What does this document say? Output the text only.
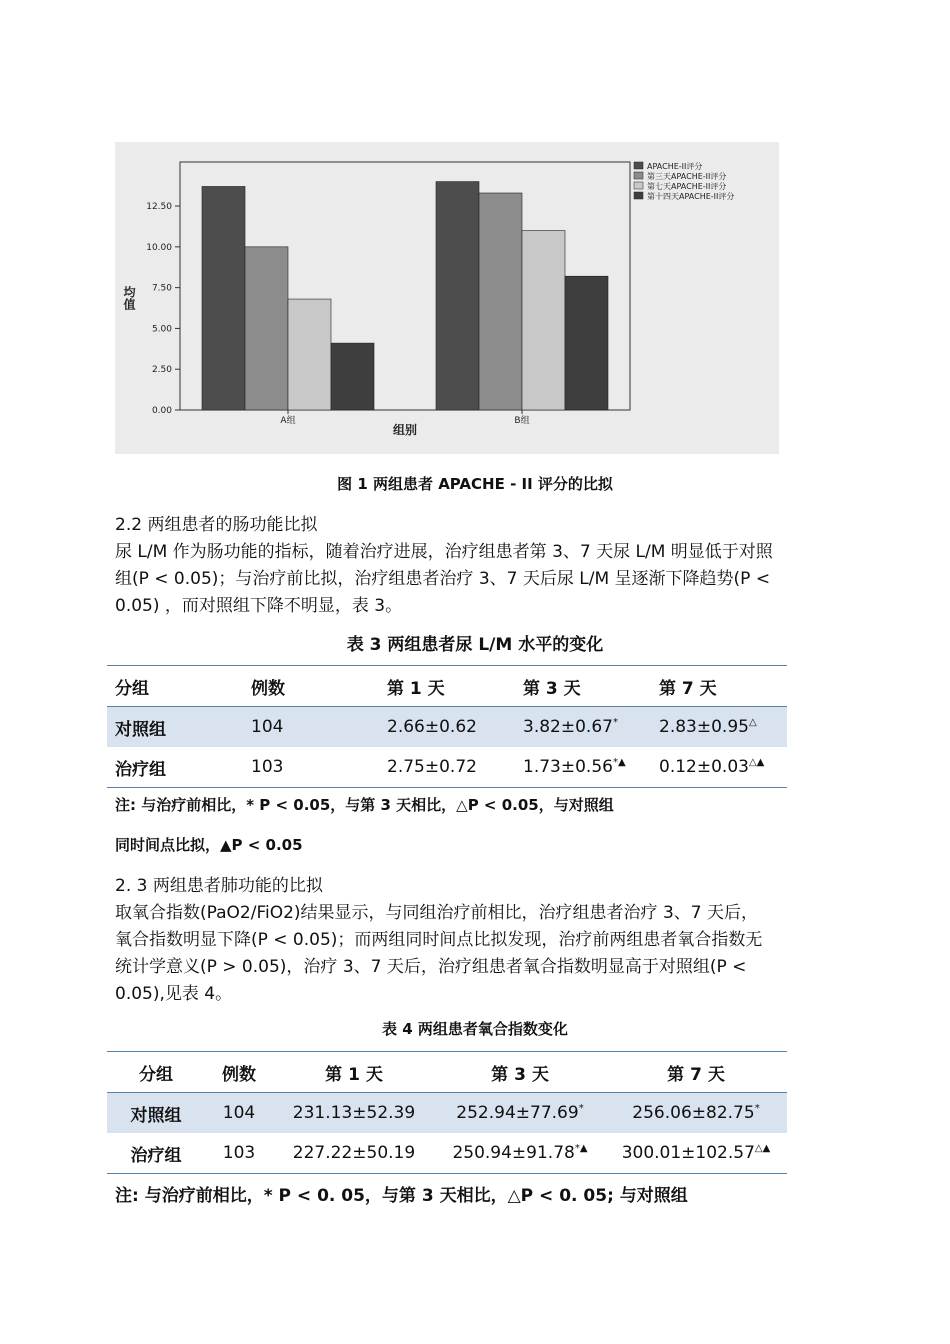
0.00
2.50
5.00
7.50
10.00
12.50
A组	B组
APACHE-II评分
第三天APACHE-II评分
第七天APACHE-II评分
第十四天APACHE-II评分
均值
组别
图 1 两组患者 APACHE - II 评分的比拟

2.2 两组患者的肠功能比拟

尿 L/M 作为肠功能的指标，随着治疗进展，治疗组患者第 3、7 天尿 L/M 明显低于对照

组(P < 0.05)；与治疗前比拟，治疗组患者治疗 3、7 天后尿 L/M 呈逐渐下降趋势(P <

0.05) ，而对照组下降不明显，表 3。

表 3 两组患者尿 L/M 水平的变化
分组	例数	第 1 天	第 3 天	第 7 天
对照组	104	2.66±0.62	3.82±0.67*	2.83±0.95△
治疗组	103	2.75±0.72	1.73±0.56*▲	0.12±0.03△▲
注: 与治疗前相比，* P < 0.05，与第 3 天相比，△P < 0.05，与对照组
同时间点比拟，▲P < 0.05

2. 3 两组患者肺功能的比拟

取氧合指数(PaO2/FiO2)结果显示，与同组治疗前相比，治疗组患者治疗 3、7 天后，

氧合指数明显下降(P < 0.05)；而两组同时间点比拟发现，治疗前两组患者氧合指数无

统计学意义(P > 0.05)，治疗 3、7 天后，治疗组患者氧合指数明显高于对照组(P <

0.05),见表 4。

表 4 两组患者氧合指数变化
分组	例数	第 1 天	第 3 天	第 7 天
对照组	104	231.13±52.39	252.94±77.69*	256.06±82.75*
治疗组	103	227.22±50.19	250.94±91.78*▲	300.01±102.57△▲
注: 与治疗前相比，* P < 0. 05，与第 3 天相比，△P < 0. 05; 与对照组
